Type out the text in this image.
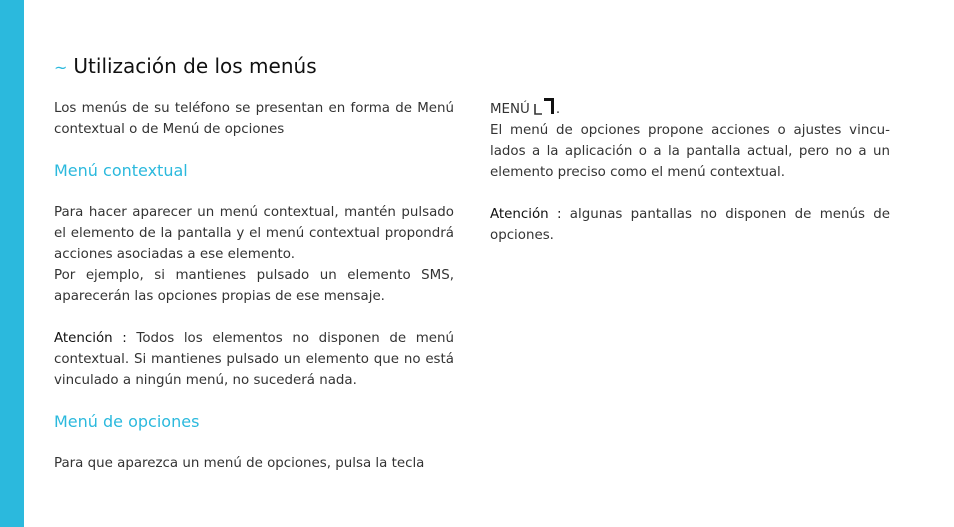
~ Utilización de los menús

Los menús de su teléfono se presentan en forma de Menú contextual o de Menú de opciones

Menú contextual

Para hacer aparecer un menú contextual, mantén pulsado el elemento de la pantalla y el menú contextual propondrá acciones asociadas a ese elemento.

Por ejemplo, si mantienes pulsado un elemento SMS, aparecerán las opciones propias de ese mensaje.

Atención : Todos los elementos no disponen de menú contextual. Si mantienes pulsado un elemento que no está vinculado a ningún menú, no sucederá nada.

Menú de opciones

Para que aparezca un menú de opciones, pulsa la tecla

MENÚ .

El menú de opciones propone acciones o ajustes vincu-lados a la aplicación o a la pantalla actual, pero no a un elemento preciso como el menú contextual.

Atención : algunas pantallas no disponen de menús de opciones.
